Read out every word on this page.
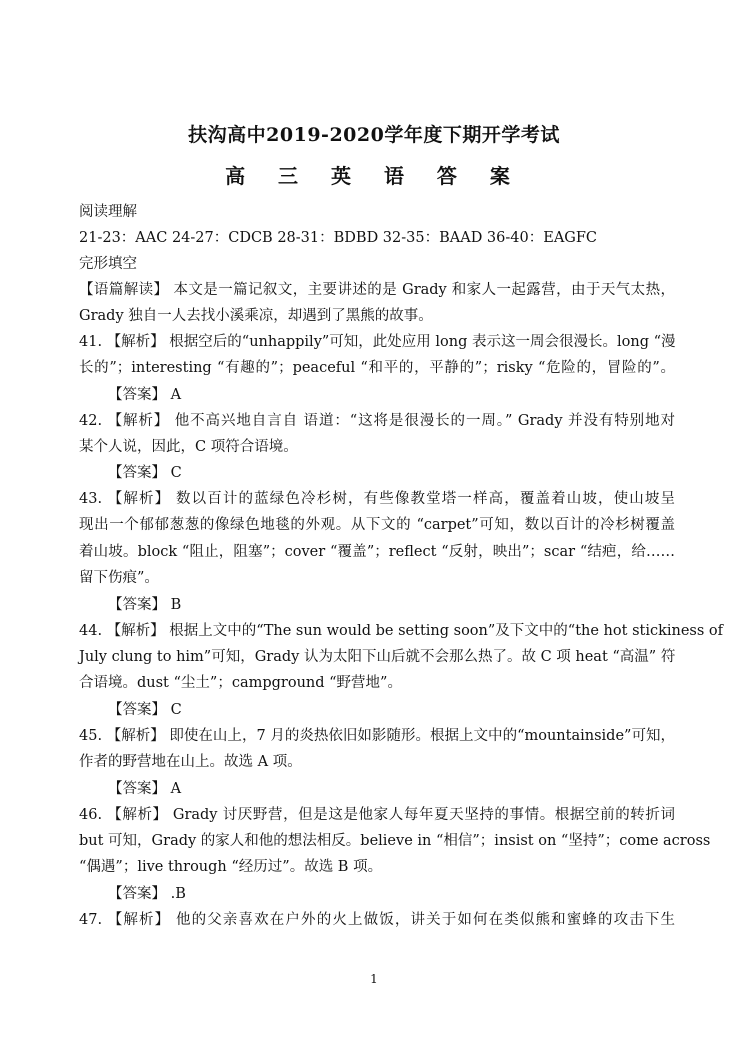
扶沟高中2019-2020学年度下期开学考试
高 三 英 语 答 案
阅读理解
21-23：AAC 24-27：CDCB 28-31：BDBD 32-35：BAAD 36-40：EAGFC
完形填空
【语篇解读】 本文是一篇记叙文，主要讲述的是 Grady 和家人一起露营，由于天气太热，
Grady 独自一人去找小溪乘凉，却遇到了黑熊的故事。
41. 【解析】 根据空后的“unhappily”可知，此处应用 long 表示这一周会很漫长。long “漫
长的”；interesting “有趣的”；peaceful “和平的，平静的”；risky “危险的，冒险的”。
【答案】 A
42. 【解析】 他不高兴地自言自 语道：“这将是很漫长的一周。” Grady 并没有特别地对
某个人说，因此，C 项符合语境。
【答案】 C
43. 【解析】 数以百计的蓝绿色冷杉树，有些像教堂塔一样高，覆盖着山坡，使山坡呈
现出一个郁郁葱葱的像绿色地毯的外观。从下文的 “carpet”可知，数以百计的冷杉树覆盖
着山坡。block “阻止，阻塞”；cover “覆盖”；reflect “反射，映出”；scar “结疤，给……
留下伤痕”。
【答案】 B
44. 【解析】 根据上文中的“The sun would be setting soon”及下文中的“the hot stickiness of
July clung to him”可知，Grady 认为太阳下山后就不会那么热了。故 C 项 heat “高温” 符
合语境。dust “尘土”；campground “野营地”。
【答案】 C
45. 【解析】 即使在山上，7 月的炎热依旧如影随形。根据上文中的“mountainside”可知，
作者的野营地在山上。故选 A 项。
【答案】 A
46. 【解析】 Grady 讨厌野营，但是这是他家人每年夏天坚持的事情。根据空前的转折词
but 可知，Grady 的家人和他的想法相反。believe in “相信”；insist on “坚持”；come across
“偶遇”；live through “经历过”。故选 B 项。
【答案】 .B
47. 【解析】 他的父亲喜欢在户外的火上做饭，讲关于如何在类似熊和蜜蜂的攻击下生
1
